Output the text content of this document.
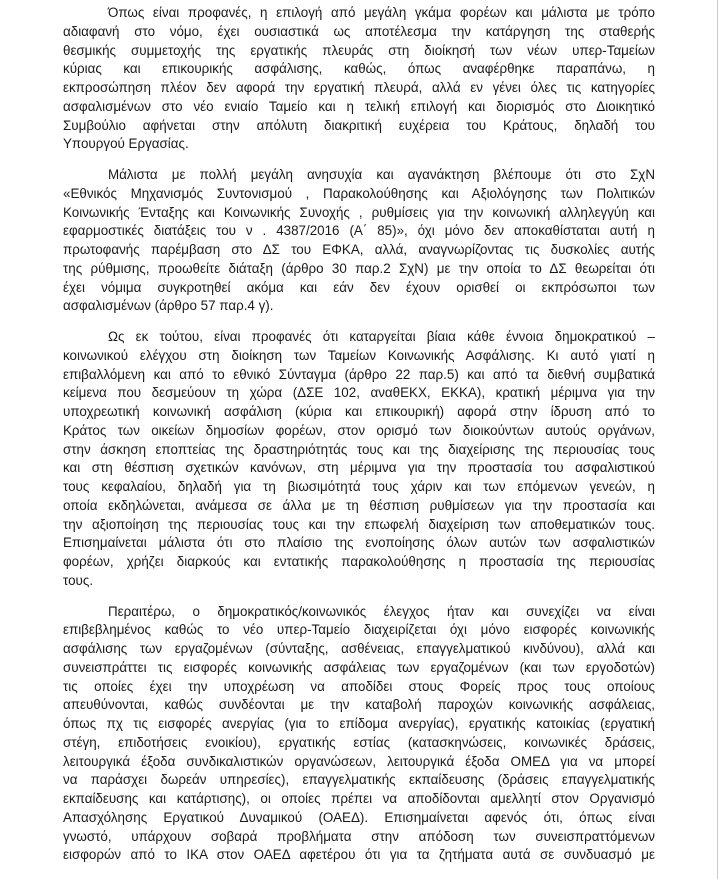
Όπως είναι προφανές, η επιλογή από μεγάλη γκάμα φορέων και μάλιστα με τρόπο
αδιαφανή στο νόμο, έχει ουσιαστικά ως αποτέλεσμα την κατάργηση της σταθερής
θεσμικής συμμετοχής της εργατικής πλευράς στη διοίκησή των νέων υπερ-Ταμείων
κύριας και επικουρικής ασφάλισης, καθώς, όπως αναφέρθηκε παραπάνω, η
εκπροσώπηση πλέον δεν αφορά την εργατική πλευρά, αλλά εν γένει όλες τις κατηγορίες
ασφαλισμένων στο νέο ενιαίο Ταμείο και η τελική επιλογή και διορισμός στο Διοικητικό
Συμβούλιο αφήνεται στην απόλυτη διακριτική ευχέρεια του Κράτους, δηλαδή του
Υπουργού Εργασίας.
Μάλιστα με πολλή μεγάλη ανησυχία και αγανάκτηση βλέπουμε ότι στο ΣχΝ
«Εθνικός Μηχανισμός Συντονισμού , Παρακολούθησης και Αξιολόγησης των Πολιτικών
Κοινωνικής Ένταξης και Κοινωνικής Συνοχής , ρυθμίσεις για την κοινωνική αλληλεγγύη και
εφαρμοστικές διατάξεις του ν . 4387/2016 (Α΄ 85)», όχι μόνο δεν αποκαθίσταται αυτή η
πρωτοφανής παρέμβαση στο ΔΣ του ΕΦΚΑ, αλλά, αναγνωρίζοντας τις δυσκολίες αυτής
της ρύθμισης, προωθείτε διάταξη (άρθρο 30 παρ.2 ΣχΝ) με την οποία το ΔΣ θεωρείται ότι
έχει νόμιμα συγκροτηθεί ακόμα και εάν δεν έχουν ορισθεί οι εκπρόσωποι των
ασφαλισμένων (άρθρο 57 παρ.4 γ).
Ως εκ τούτου, είναι προφανές ότι καταργείται βίαια κάθε έννοια δημοκρατικού –
κοινωνικού ελέγχου στη διοίκηση των Ταμείων Κοινωνικής Ασφάλισης. Κι αυτό γιατί η
επιβαλλόμενη και από το εθνικό Σύνταγμα (άρθρο 22 παρ.5) και από τα διεθνή συμβατικά
κείμενα που δεσμεύουν τη χώρα (ΔΣΕ 102, αναθΕΚΧ, ΕΚΚΑ), κρατική μέριμνα για την
υποχρεωτική κοινωνική ασφάλιση (κύρια και επικουρική) αφορά στην ίδρυση από το
Κράτος των οικείων δημοσίων φορέων, στον ορισμό των διοικούντων αυτούς οργάνων,
στην άσκηση εποπτείας της δραστηριότητάς τους και της διαχείρισης της περιουσίας τους
και στη θέσπιση σχετικών κανόνων, στη μέριμνα για την προστασία του ασφαλιστικού
τους κεφαλαίου, δηλαδή για τη βιωσιμότητά τους χάριν και των επόμενων γενεών, η
οποία εκδηλώνεται, ανάμεσα σε άλλα με τη θέσπιση ρυθμίσεων για την προστασία και
την αξιοποίηση της περιουσίας τους και την επωφελή διαχείριση των αποθεματικών τους.
Επισημαίνεται μάλιστα ότι στο πλαίσιο της ενοποίησης όλων αυτών των ασφαλιστικών
φορέων, χρήζει διαρκούς και εντατικής παρακολούθησης η προστασία της περιουσίας
τους.
Περαιτέρω, ο δημοκρατικός/κοινωνικός έλεγχος ήταν και συνεχίζει να είναι
επιβεβλημένος καθώς το νέο υπερ-Ταμείο διαχειρίζεται όχι μόνο εισφορές κοινωνικής
ασφάλισης των εργαζομένων (σύνταξης, ασθένειας, επαγγελματικού κινδύνου), αλλά και
συνεισπράττει τις εισφορές κοινωνικής ασφάλειας των εργαζομένων (και των εργοδοτών)
τις οποίες έχει την υποχρέωση να αποδίδει στους Φορείς προς τους οποίους
απευθύνονται, καθώς συνδέονται με την καταβολή παροχών κοινωνικής ασφάλειας,
όπως πχ τις εισφορές ανεργίας (για το επίδομα ανεργίας), εργατικής κατοικίας (εργατική
στέγη, επιδοτήσεις ενοικίου), εργατικής εστίας (κατασκηνώσεις, κοινωνικές δράσεις,
λειτουργικά έξοδα συνδικαλιστικών οργανώσεων, λειτουργικά έξοδα ΟΜΕΔ για να μπορεί
να παράσχει δωρεάν υπηρεσίες), επαγγελματικής εκπαίδευσης (δράσεις επαγγελματικής
εκπαίδευσης και κατάρτισης), οι οποίες πρέπει να αποδίδονται αμελλητί στον Οργανισμό
Απασχόλησης Εργατικού Δυναμικού (ΟΑΕΔ). Επισημαίνεται αφενός ότι, όπως είναι
γνωστό, υπάρχουν σοβαρά προβλήματα στην απόδοση των συνεισπραττόμενων
εισφορών από το ΙΚΑ στον ΟΑΕΔ αφετέρου ότι για τα ζητήματα αυτά σε συνδυασμό με
